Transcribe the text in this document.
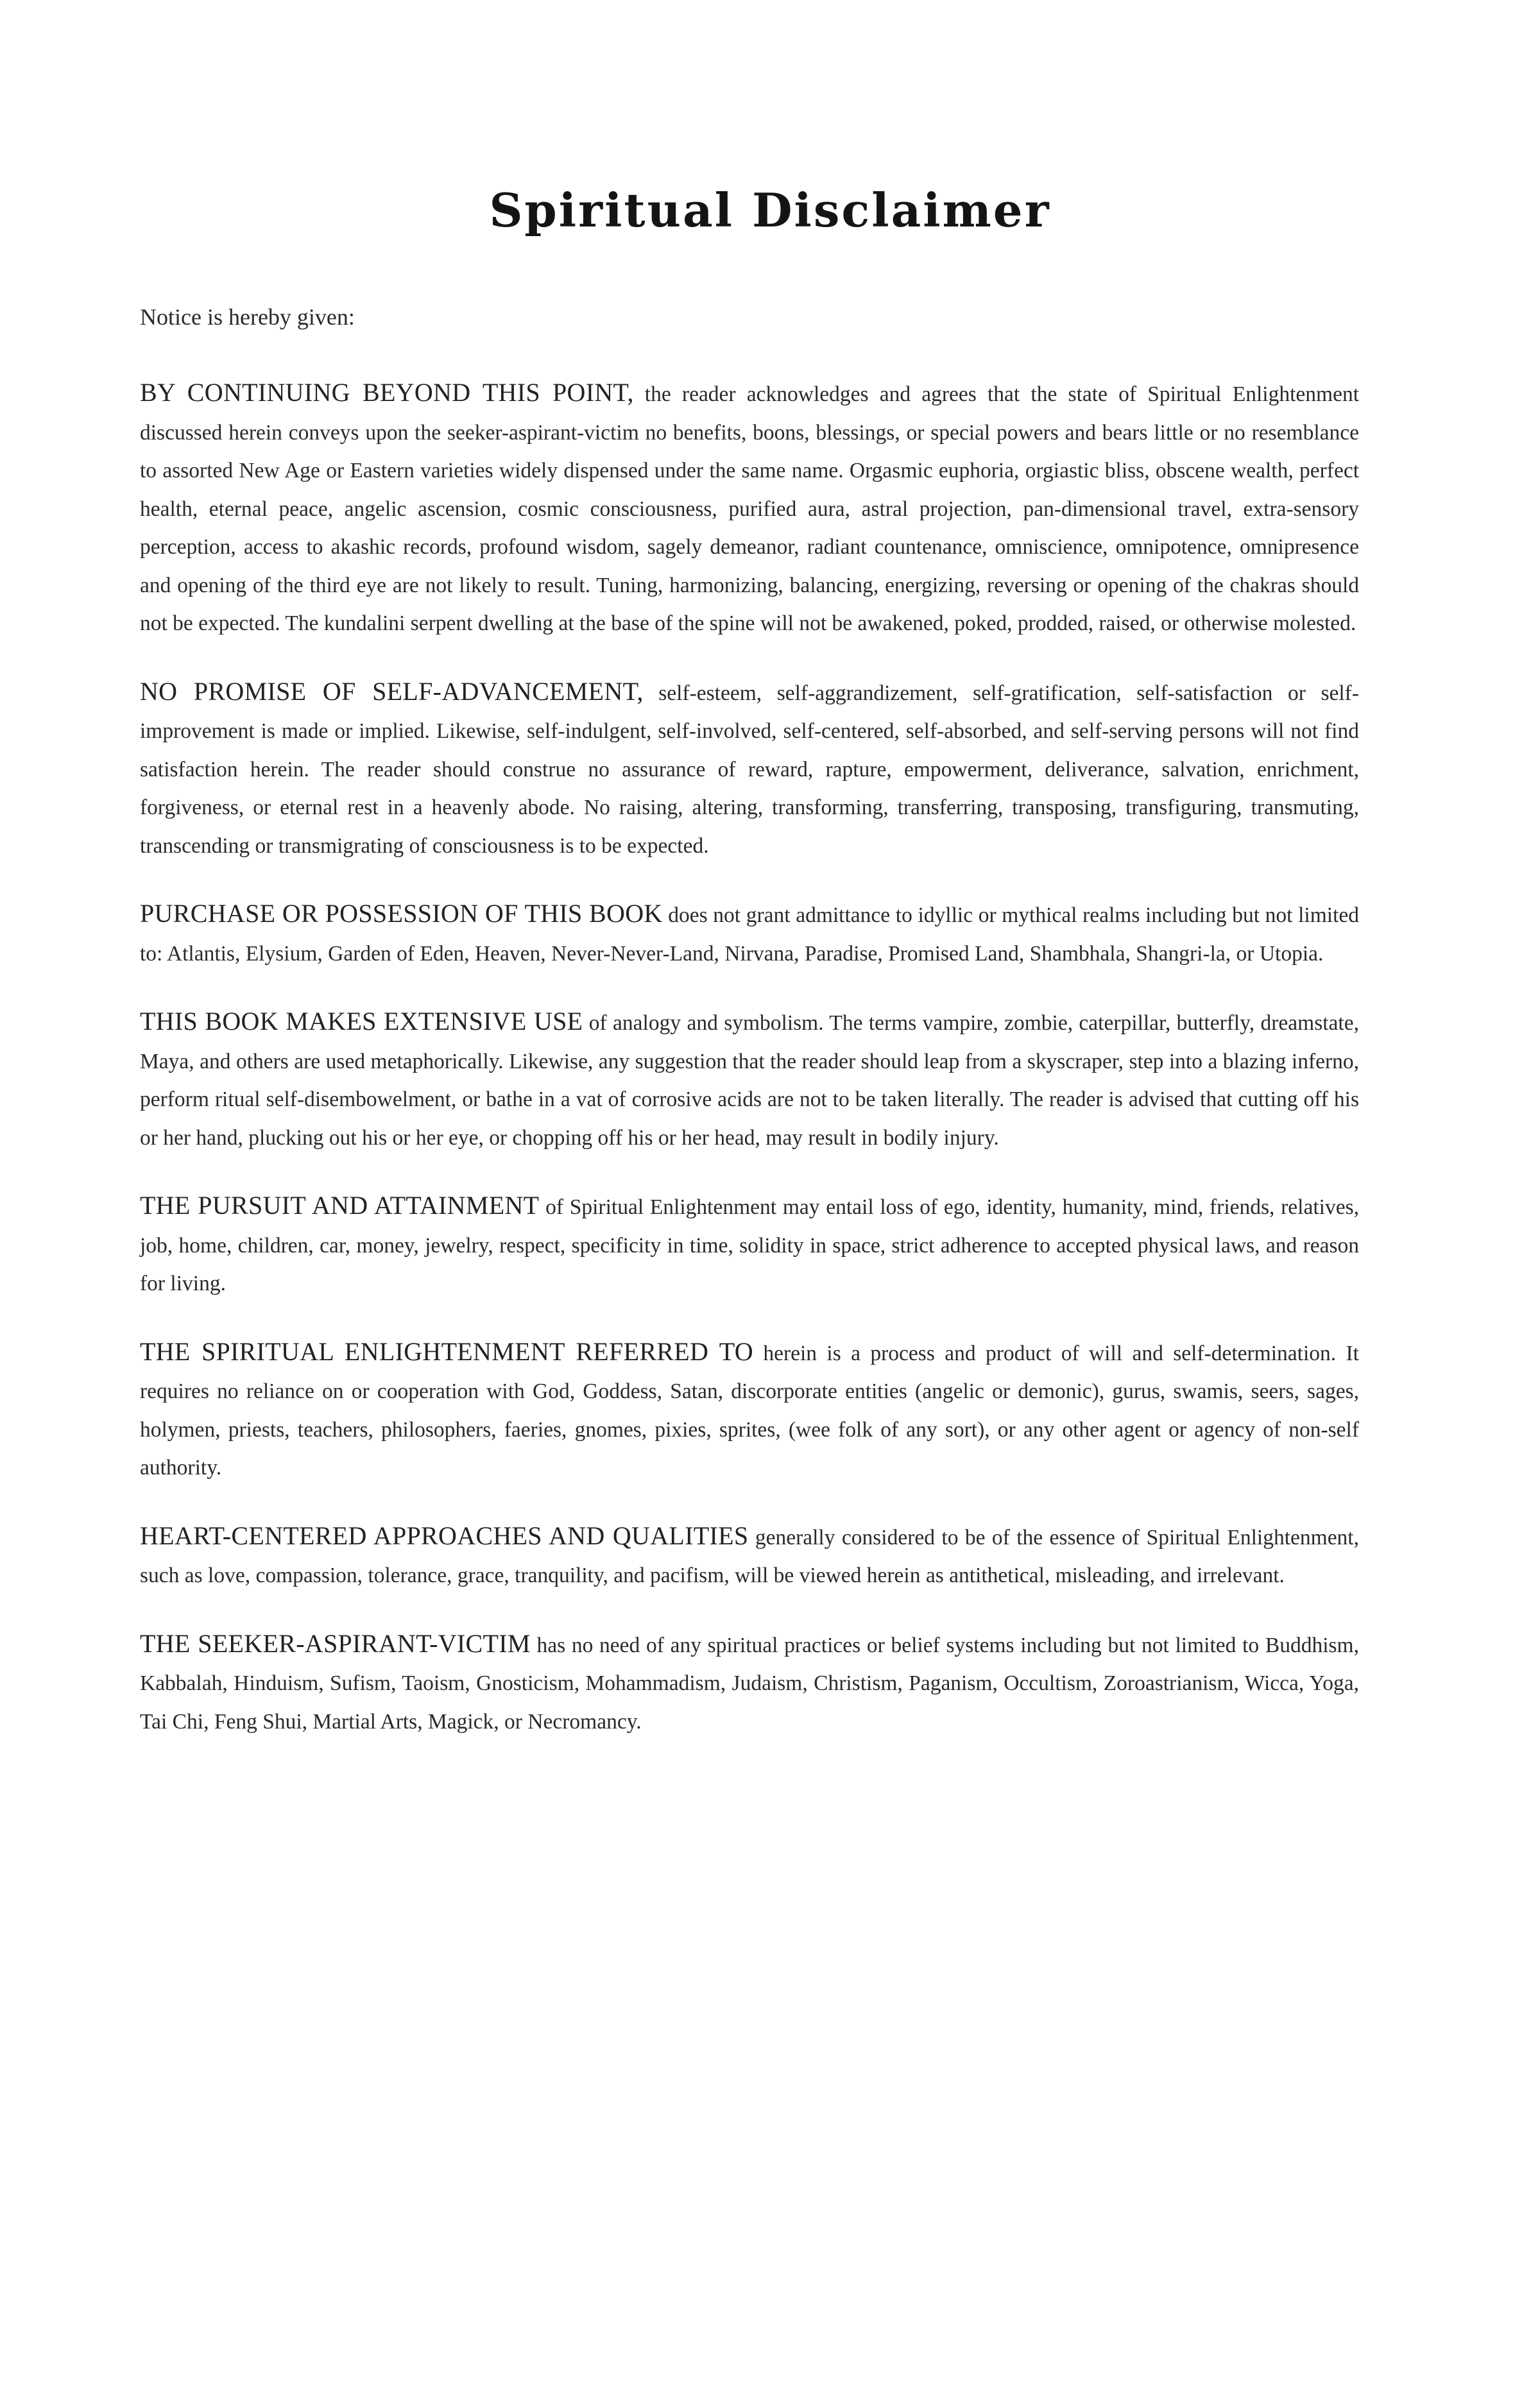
Spiritual Disclaimer

Notice is hereby given:

BY CONTINUING BEYOND THIS POINT, the reader acknowledges and agrees that the state of Spiritual Enlightenment discussed herein conveys upon the seeker-aspirant-victim no benefits, boons, blessings, or special powers and bears little or no resemblance to assorted New Age or Eastern varieties widely dispensed under the same name. Orgasmic euphoria, orgiastic bliss, obscene wealth, perfect health, eternal peace, angelic ascension, cosmic consciousness, purified aura, astral projection, pan-dimensional travel, extra-sensory perception, access to akashic records, profound wisdom, sagely demeanor, radiant countenance, omniscience, omnipotence, omnipresence and opening of the third eye are not likely to result. Tuning, harmonizing, balancing, energizing, reversing or opening of the chakras should not be expected. The kundalini serpent dwelling at the base of the spine will not be awakened, poked, prodded, raised, or otherwise molested.

NO PROMISE OF SELF-ADVANCEMENT, self-esteem, self-aggrandizement, self-gratification, self-satisfaction or self-improvement is made or implied. Likewise, self-indulgent, self-involved, self-centered, self-absorbed, and self-serving persons will not find satisfaction herein. The reader should construe no assurance of reward, rapture, empowerment, deliverance, salvation, enrichment, forgiveness, or eternal rest in a heavenly abode. No raising, altering, transforming, transferring, transposing, transfiguring, transmuting, transcending or transmigrating of consciousness is to be expected.

PURCHASE OR POSSESSION OF THIS BOOK does not grant admittance to idyllic or mythical realms including but not limited to: Atlantis, Elysium, Garden of Eden, Heaven, Never-Never-Land, Nirvana, Paradise, Promised Land, Shambhala, Shangri-la, or Utopia.

THIS BOOK MAKES EXTENSIVE USE of analogy and symbolism. The terms vampire, zombie, caterpillar, butterfly, dreamstate, Maya, and others are used metaphorically. Likewise, any suggestion that the reader should leap from a skyscraper, step into a blazing inferno, perform ritual self-disembowelment, or bathe in a vat of corrosive acids are not to be taken literally. The reader is advised that cutting off his or her hand, plucking out his or her eye, or chopping off his or her head, may result in bodily injury.

THE PURSUIT AND ATTAINMENT of Spiritual Enlightenment may entail loss of ego, identity, humanity, mind, friends, relatives, job, home, children, car, money, jewelry, respect, specificity in time, solidity in space, strict adherence to accepted physical laws, and reason for living.

THE SPIRITUAL ENLIGHTENMENT REFERRED TO herein is a process and product of will and self-determination. It requires no reliance on or cooperation with God, Goddess, Satan, discorporate entities (angelic or demonic), gurus, swamis, seers, sages, holymen, priests, teachers, philosophers, faeries, gnomes, pixies, sprites, (wee folk of any sort), or any other agent or agency of non-self authority.

HEART-CENTERED APPROACHES AND QUALITIES generally considered to be of the essence of Spiritual Enlightenment, such as love, compassion, tolerance, grace, tranquility, and pacifism, will be viewed herein as antithetical, misleading, and irrelevant.

THE SEEKER-ASPIRANT-VICTIM has no need of any spiritual practices or belief systems including but not limited to Buddhism, Kabbalah, Hinduism, Sufism, Taoism, Gnosticism, Mohammadism, Judaism, Christism, Paganism, Occultism, Zoroastrianism, Wicca, Yoga, Tai Chi, Feng Shui, Martial Arts, Magick, or Necromancy.
